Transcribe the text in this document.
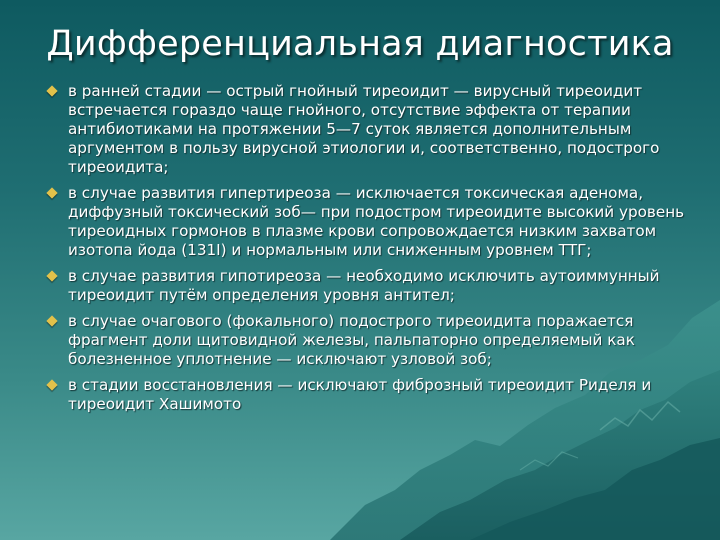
Дифференциальная диагностика
в ранней стадии — острый гнойный тиреоидит — вирусный тиреоидит встречается гораздо чаще гнойного, отсутствие эффекта от терапии антибиотиками на протяжении 5—7 суток является дополнительным аргументом в пользу вирусной этиологии и, соответственно, подострого тиреоидита;
в случае развития гипертиреоза — исключается токсическая аденома, диффузный токсический зоб— при подостром тиреоидите высокий уровень тиреоидных гормонов в плазме крови сопровождается низким захватом изотопа йода (131I) и нормальным или сниженным уровнем ТТГ;
в случае развития гипотиреоза — необходимо исключить аутоиммунный тиреоидит путём определения уровня антител;
в случае очагового (фокального) подострого тиреоидита поражается фрагмент доли щитовидной железы, пальпаторно определяемый как болезненное уплотнение — исключают узловой зоб;
в стадии восстановления — исключают фиброзный тиреоидит Риделя и тиреоидит Хашимото
